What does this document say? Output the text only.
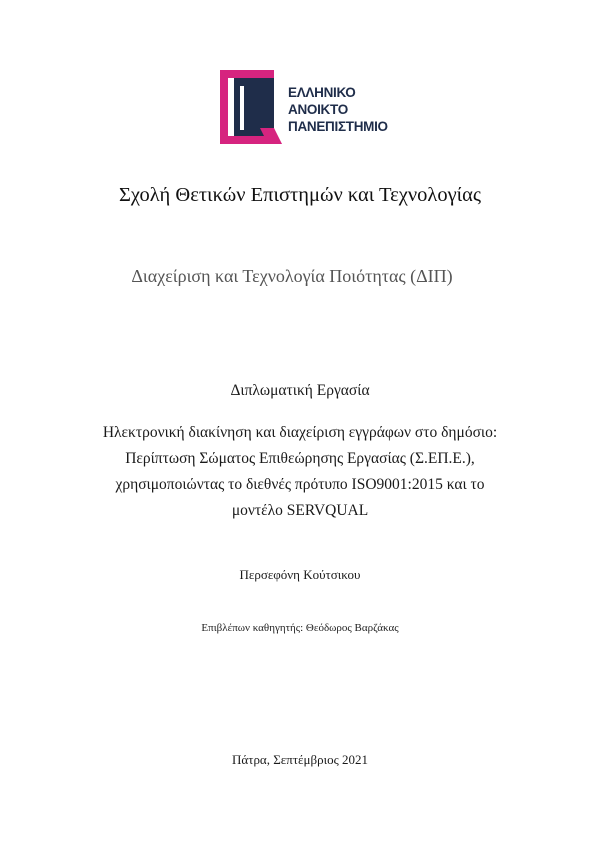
ΕΛΛΗΝΙΚΟ
ΑΝΟΙΚΤΟ
ΠΑΝΕΠΙΣΤΗΜΙΟ
Σχολή Θετικών Επιστημών και Τεχνολογίας
Διαχείριση και Τεχνολογία Ποιότητας (ΔΙΠ)
Διπλωματική Εργασία
Ηλεκτρονική διακίνηση και διαχείριση εγγράφων στο δημόσιο:
Περίπτωση Σώματος Επιθεώρησης Εργασίας (Σ.ΕΠ.Ε.),
χρησιμοποιώντας το διεθνές πρότυπο ISO9001:2015 και το
μοντέλο SERVQUAL
Περσεφόνη Κούτσικου
Επιβλέπων καθηγητής: Θεόδωρος Βαρζάκας
Πάτρα, Σεπτέμβριος 2021
